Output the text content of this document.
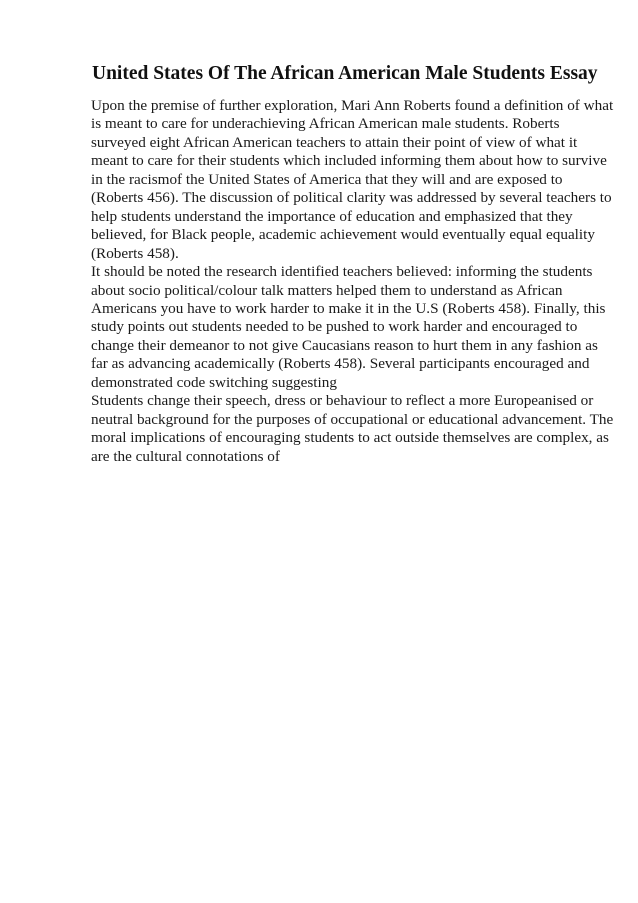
United States Of The African American Male Students Essay
Upon the premise of further exploration, Mari Ann Roberts found a definition of what
is meant to care for underachieving African American male students. Roberts
surveyed eight African American teachers to attain their point of view of what it
meant to care for their students which included informing them about how to survive
in the racismof the United States of America that they will and are exposed to
(Roberts 456). The discussion of political clarity was addressed by several teachers to
help students understand the importance of education and emphasized that they
believed, for Black people, academic achievement would eventually equal equality
(Roberts 458).
It should be noted the research identified teachers believed: informing the students
about socio political/colour talk matters helped them to understand as African
Americans you have to work harder to make it in the U.S (Roberts 458). Finally, this
study points out students needed to be pushed to work harder and encouraged to
change their demeanor to not give Caucasians reason to hurt them in any fashion as
far as advancing academically (Roberts 458). Several participants encouraged and
demonstrated code switching suggesting
Students change their speech, dress or behaviour to reflect a more Europeanised or
neutral background for the purposes of occupational or educational advancement. The
moral implications of encouraging students to act outside themselves are complex, as
are the cultural connotations of
